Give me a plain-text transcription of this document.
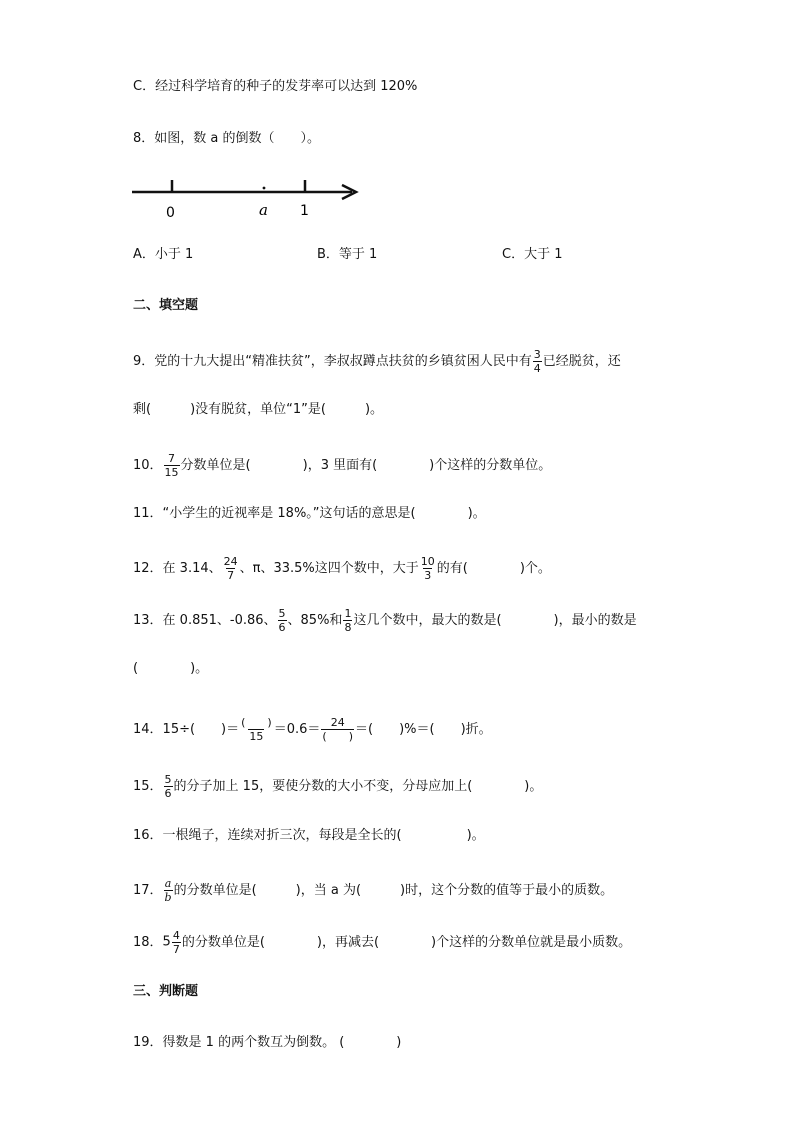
C．经过科学培育的种子的发芽率可以达到 120%
8．如图，数 a 的倒数（　　）。
0	a 1
A．小于 1	B．等于 1	C．大于 1
二、填空题
9．党的十九大提出“精准扶贫”，李叔叔蹲点扶贫的乡镇贫困人民中有 $\frac{3}{4}$ 已经脱贫，还
剩(　　　)没有脱贫，单位“1”是(　　　)。
10． $\frac{7}{15}$ 分数单位是(　　　　)，3 里面有(　　　　)个这样的分数单位。
11．“小学生的近视率是 18%。”这句话的意思是(　　　　)。
12．在 3.14、 $\frac{24}{7}$ 、π、33.5%这四个数中，大于 $\frac{10}{3}$ 的有(　　　　)个。
13．在 0.851、-0.86、 $\frac{5}{6}$ 、85%和 $\frac{1}{8}$ 这几个数中，最大的数是(　　　　)，最小的数是
(　　　　)。
14．15÷(　　)＝ $\frac{( )}{15} =0.6= \frac{24}{( )}$ ＝(　　)%＝(　　)折。
15． $\frac{5}{6}$ 的分子加上 15，要使分数的大小不变，分母应加上(　　　　)。
16．一根绳子，连续对折三次，每段是全长的(　　　　　)。
17． $\frac{a}{b}$ 的分数单位是(　　　)，当 a 为(　　　)时，这个分数的值等于最小的质数。
18．$5 \frac{4}{7}$ 的分数单位是(　　　　)，再减去(　　　　)个这样的分数单位就是最小质数。
三、判断题
19．得数是 1 的两个数互为倒数。 (　　　　)
